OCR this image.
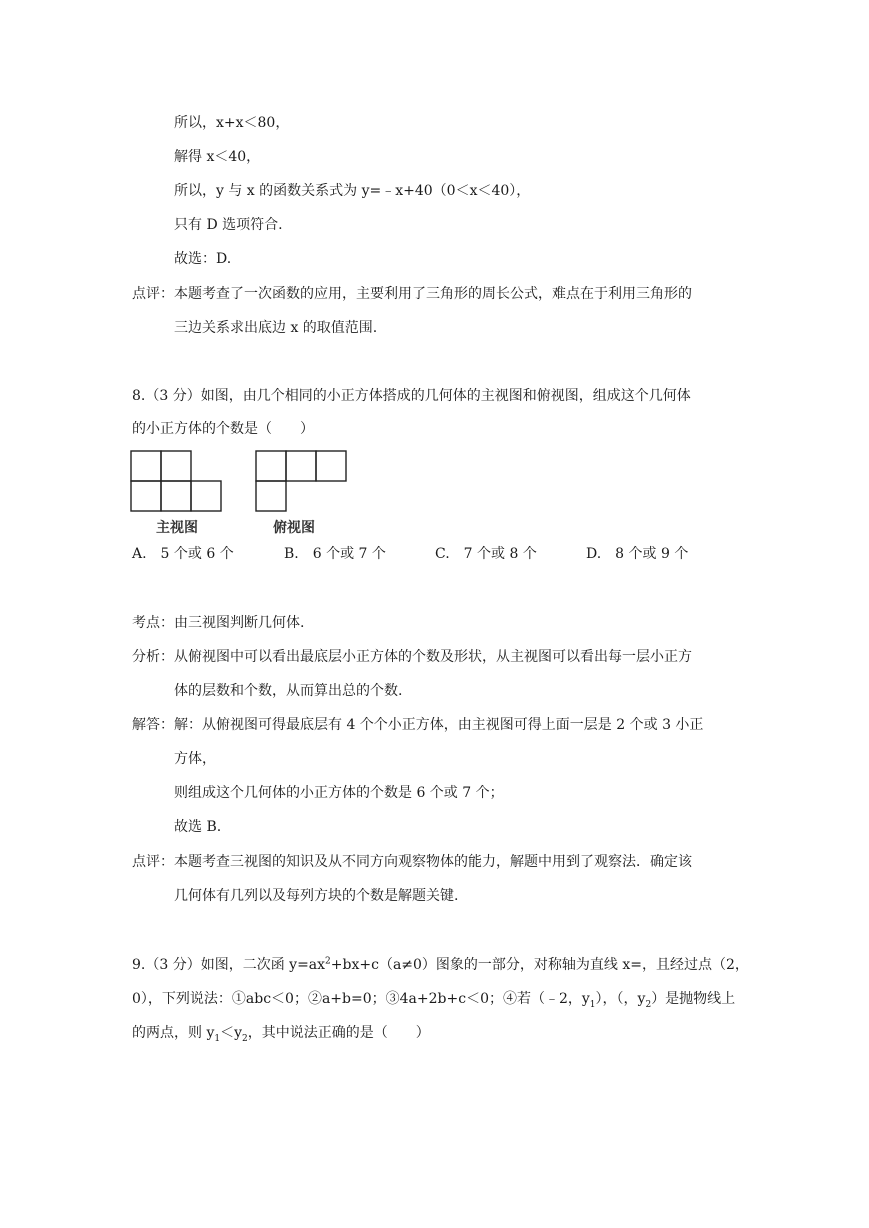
所以，x+x＜80，
解得 x＜40，
所以，y 与 x 的函数关系式为 y=﹣x+40（0＜x＜40），
只有 D 选项符合.
故选：D.
点评： 本题考查了一次函数的应用，主要利用了三角形的周长公式，难点在于利用三角形的
三边关系求出底边 x 的取值范围.
8.（3 分）如图，由几个相同的小正方体搭成的几何体的主视图和俯视图，组成这个几何体
的小正方体的个数是（　　）
主视图	俯视图
A.　5 个或 6 个	B.　6 个或 7 个	C.　7 个或 8 个	D.　8 个或 9 个
考点：由三视图判断几何体.
分析： 从俯视图中可以看出最底层小正方体的个数及形状，从主视图可以看出每一层小正方
体的层数和个数，从而算出总的个数.
解答： 解：从俯视图可得最底层有 4 个个小正方体，由主视图可得上面一层是 2 个或 3 小正
方体，
则组成这个几何体的小正方体的个数是 6 个或 7 个；
故选 B.
点评： 本题考查三视图的知识及从不同方向观察物体的能力，解题中用到了观察法．确定该
几何体有几列以及每列方块的个数是解题关键.
9.（3 分）如图，二次函 $y=ax^2+bx+c(a\ne 0)$图象的一部分，对称轴为直线 x=，且经过点（2，
0），下列说法：①abc＜0；②a+b=0；③4a+2b+c＜0；④若（﹣2，$y_1$），（，$y_2$）是抛物线上
的两点，则 $y_1<y_2$，其中说法正确的是（　　）
